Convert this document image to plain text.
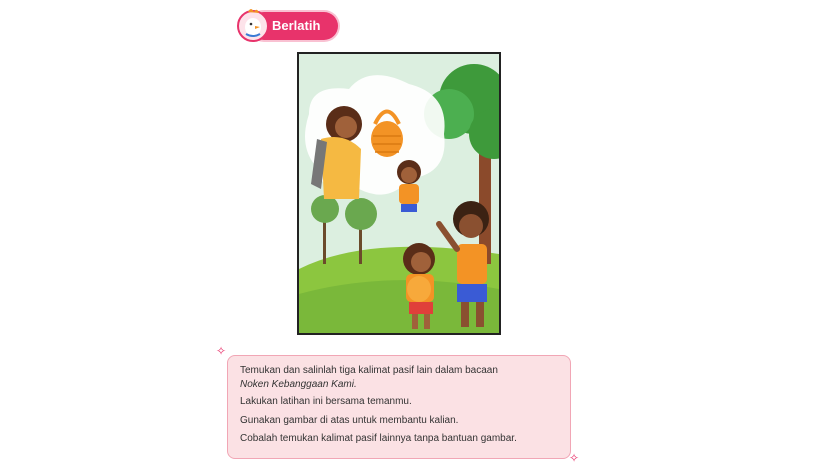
Berlatih
✧

Temukan dan salinlah tiga kalimat pasif lain dalam bacaan
Noken Kebanggaan Kami.

Lakukan latihan ini bersama temanmu.

Gunakan gambar di atas untuk membantu kalian.

Cobalah temukan kalimat pasif lainnya tanpa bantuan gambar.

✧
